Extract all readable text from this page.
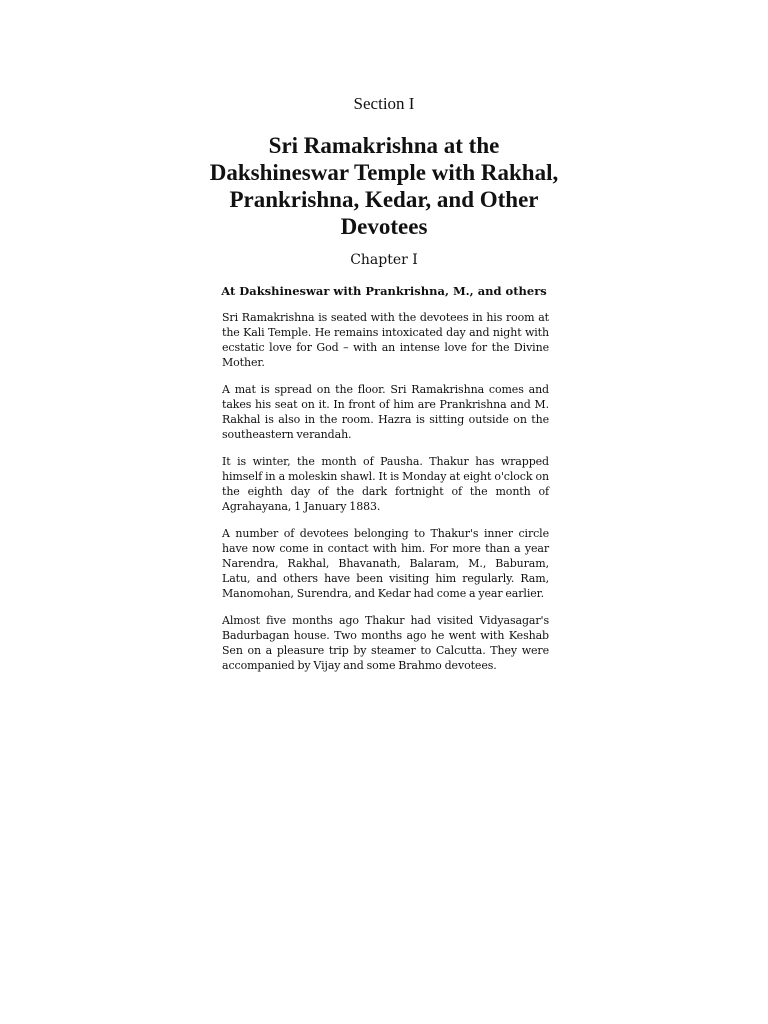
Section I
Sri Ramakrishna at the
Dakshineswar Temple with Rakhal,
Prankrishna, Kedar, and Other
Devotees
Chapter I
At Dakshineswar with Prankrishna, M., and others

Sri Ramakrishna is seated with the devotees in his room at the Kali Temple. He remains intoxicated day and night with ecstatic love for God – with an intense love for the Divine Mother.

A mat is spread on the floor. Sri Ramakrishna comes and takes his seat on it. In front of him are Prankrishna and M. Rakhal is also in the room. Hazra is sitting outside on the southeastern verandah.

It is winter, the month of Pausha. Thakur has wrapped himself in a moleskin shawl. It is Monday at eight o'clock on the eighth day of the dark fortnight of the month of Agrahayana, 1 January 1883.

A number of devotees belonging to Thakur's inner circle have now come in contact with him. For more than a year Narendra, Rakhal, Bhavanath, Balaram, M., Baburam, Latu, and others have been visiting him regularly. Ram, Manomohan, Surendra, and Kedar had come a year earlier.

Almost five months ago Thakur had visited Vidyasagar's Badurbagan house. Two months ago he went with Keshab Sen on a pleasure trip by steamer to Calcutta. They were accompanied by Vijay and some Brahmo devotees.
